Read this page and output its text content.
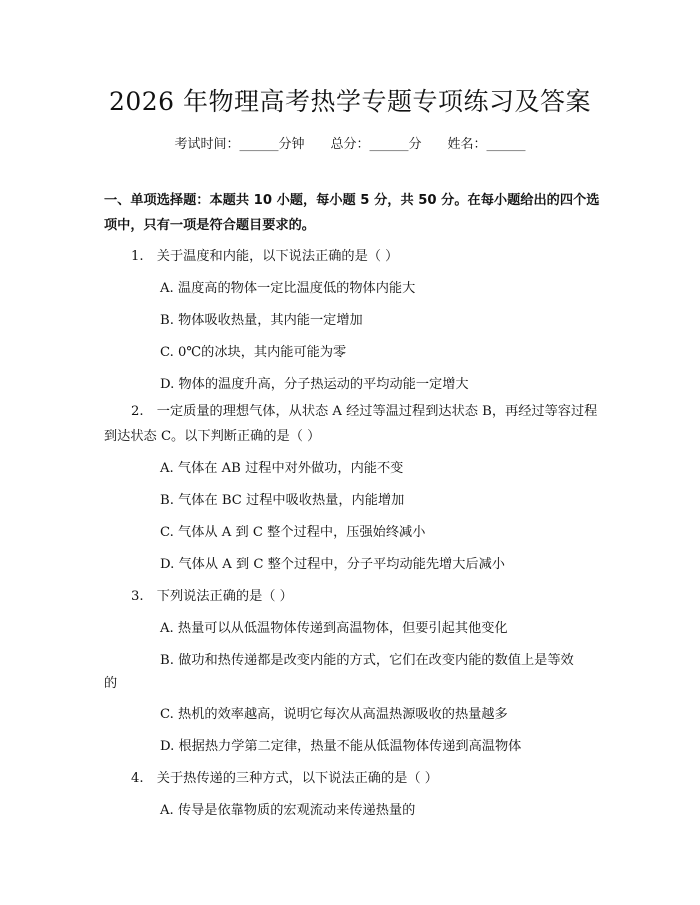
2026 年物理高考热学专题专项练习及答案
考试时间：______分钟 总分：______分 姓名：______
一、单项选择题：本题共 10 小题，每小题 5 分，共 50 分。在每小题给出的四个选项中，只有一项是符合题目要求的。
1.　关于温度和内能，以下说法正确的是（ ）
A. 温度高的物体一定比温度低的物体内能大
B. 物体吸收热量，其内能一定增加
C. 0℃的冰块，其内能可能为零
D. 物体的温度升高，分子热运动的平均动能一定增大
2.　一定质量的理想气体，从状态 A 经过等温过程到达状态 B，再经过等容过程到达状态 C。以下判断正确的是（ ）
A. 气体在 AB 过程中对外做功，内能不变
B. 气体在 BC 过程中吸收热量，内能增加
C. 气体从 A 到 C 整个过程中，压强始终减小
D. 气体从 A 到 C 整个过程中，分子平均动能先增大后减小
3.　下列说法正确的是（ ）
A. 热量可以从低温物体传递到高温物体，但要引起其他变化
B. 做功和热传递都是改变内能的方式，它们在改变内能的数值上是等效
的
C. 热机的效率越高，说明它每次从高温热源吸收的热量越多
D. 根据热力学第二定律，热量不能从低温物体传递到高温物体
4.　关于热传递的三种方式，以下说法正确的是（ ）
A. 传导是依靠物质的宏观流动来传递热量的
